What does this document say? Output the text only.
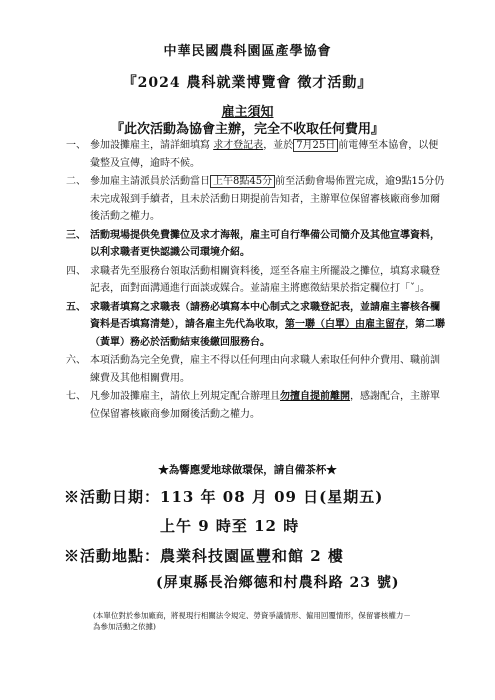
中華民國農科園區產學協會
『2024 農科就業博覽會 徵才活動』
雇主須知
『此次活動為協會主辦，完全不收取任何費用』
一、 參加設攤雇主，請詳細填寫 求才登記表，並於 7月25日 前電傳至本協會，以便彙整及宣傳，逾時不候。
二、 參加雇主請派員於活動當日 上午8點45分 前至活動會場佈置完成，逾9點15分仍未完成報到手續者，且未於活動日期提前告知者，主辦單位保留審核廠商參加爾後活動之權力。
三、 活動現場提供免費攤位及求才海報，雇主可自行準備公司簡介及其他宣導資料，以利求職者更快認識公司環境介紹。
四、 求職者先至服務台領取活動相關資料後，逕至各雇主所擺設之攤位，填寫求職登記表，面對面溝通進行面談或媒合。並請雇主將應徵結果於指定欄位打「ˇ」。
五、 求職者填寫之求職表（請務必填寫本中心制式之求職登記表，並請雇主審核各欄資料是否填寫清楚），請各雇主先代為收取，第一聯（白單）由雇主留存，第二聯（黃單）務必於活動結束後繳回服務台。
六、 本項活動為完全免費，雇主不得以任何理由向求職人索取任何仲介費用、職前訓練費及其他相關費用。
七、 凡參加設攤雇主，請依上列規定配合辦理且勿擅自提前離開，感謝配合，主辦單位保留審核廠商參加爾後活動之權力。
★為響應愛地球做環保，請自備茶杯★
※活動日期：113 年 08 月 09 日(星期五)
上午 9 時至 12 時
※活動地點：農業科技園區豐和館 2 樓
(屏東縣長治鄉德和村農科路 23 號)
(本單位對於參加廠商，將視現行相關法令規定、勞資爭議情形、僱用回覆情形，保留審核權力－為參加活動之依據)
